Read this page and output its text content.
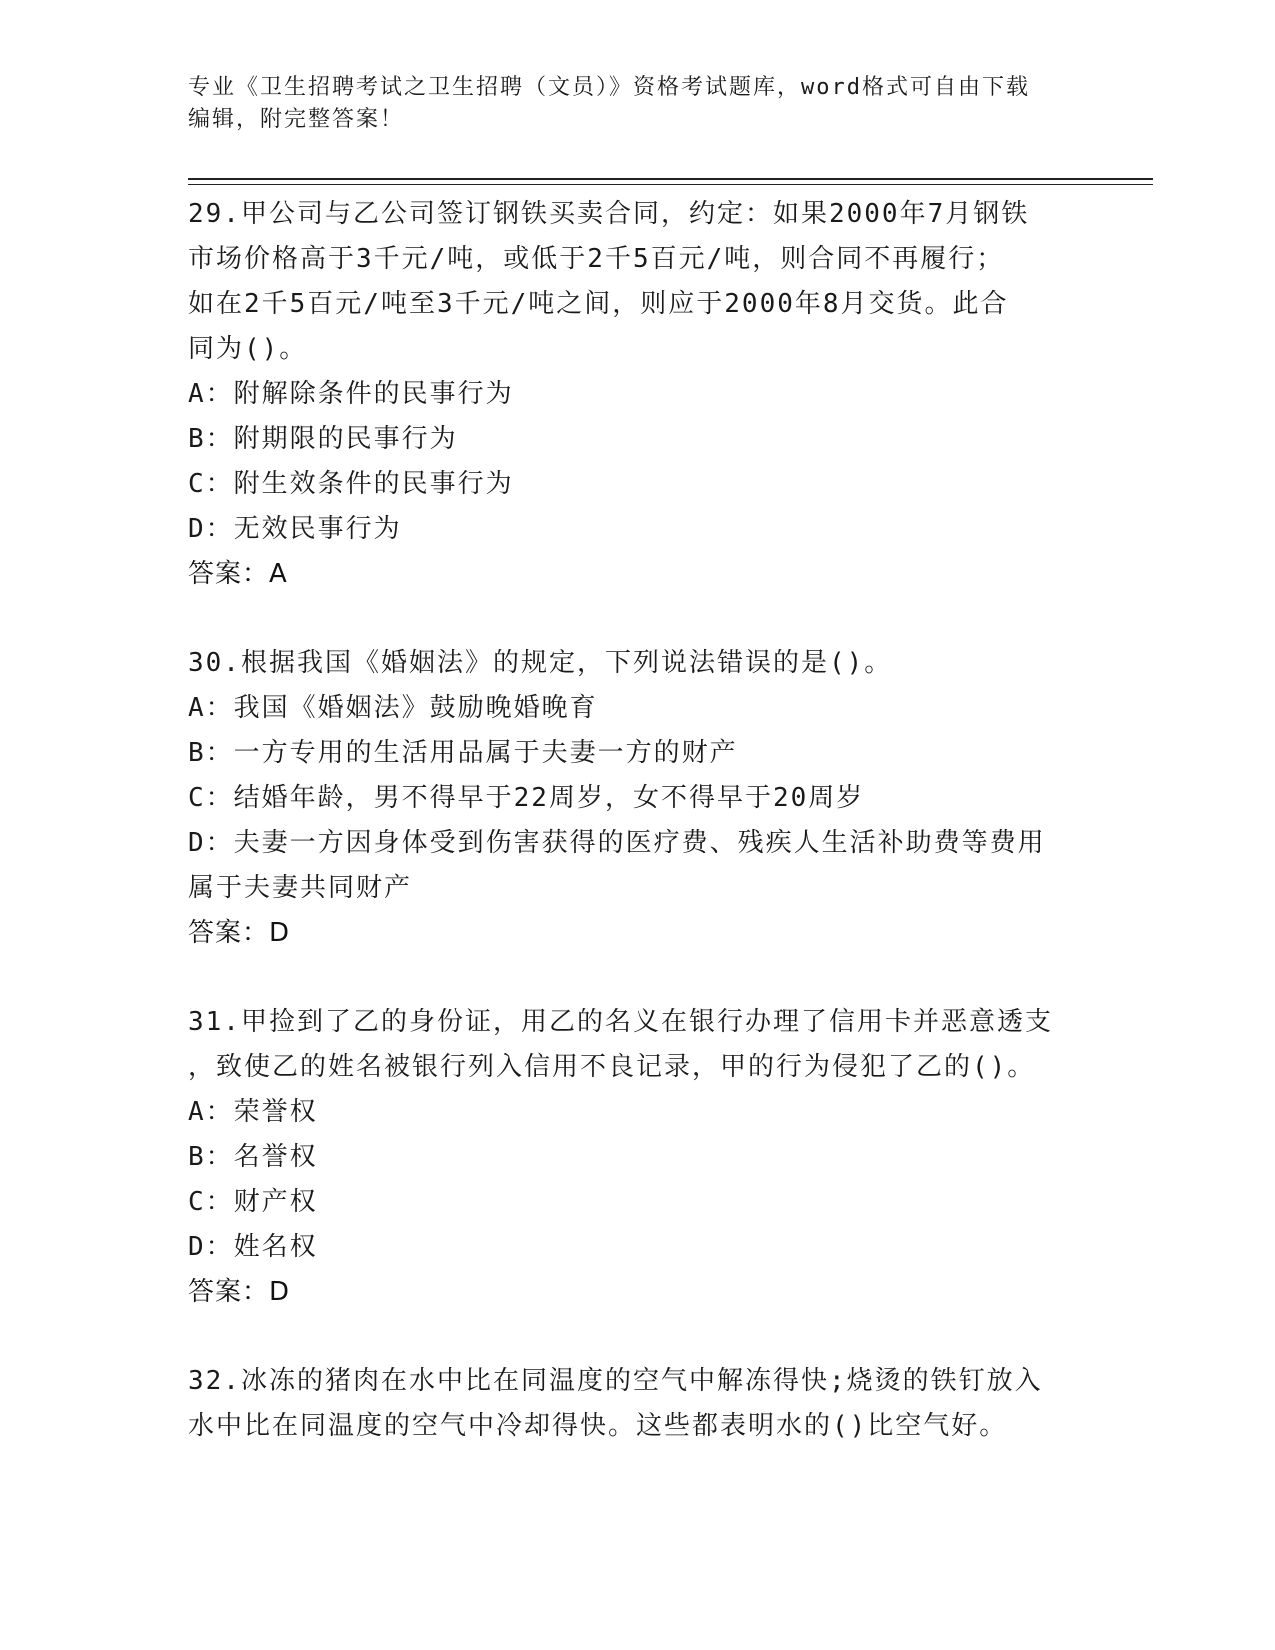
专业《卫生招聘考试之卫生招聘（文员）》资格考试题库，word格式可自由下载
编辑，附完整答案！
29.甲公司与乙公司签订钢铁买卖合同，约定：如果2000年7月钢铁
市场价格高于3千元/吨，或低于2千5百元/吨，则合同不再履行；
如在2千5百元/吨至3千元/吨之间，则应于2000年8月交货。此合
同为()。
A：附解除条件的民事行为
B：附期限的民事行为
C：附生效条件的民事行为
D：无效民事行为
答案：A
30.根据我国《婚姻法》的规定，下列说法错误的是()。
A：我国《婚姻法》鼓励晚婚晚育
B：一方专用的生活用品属于夫妻一方的财产
C：结婚年龄，男不得早于22周岁，女不得早于20周岁
D：夫妻一方因身体受到伤害获得的医疗费、残疾人生活补助费等费用
属于夫妻共同财产
答案：D
31.甲捡到了乙的身份证，用乙的名义在银行办理了信用卡并恶意透支
，致使乙的姓名被银行列入信用不良记录，甲的行为侵犯了乙的()。
A：荣誉权
B：名誉权
C：财产权
D：姓名权
答案：D
32.冰冻的猪肉在水中比在同温度的空气中解冻得快;烧烫的铁钉放入
水中比在同温度的空气中冷却得快。这些都表明水的()比空气好。
